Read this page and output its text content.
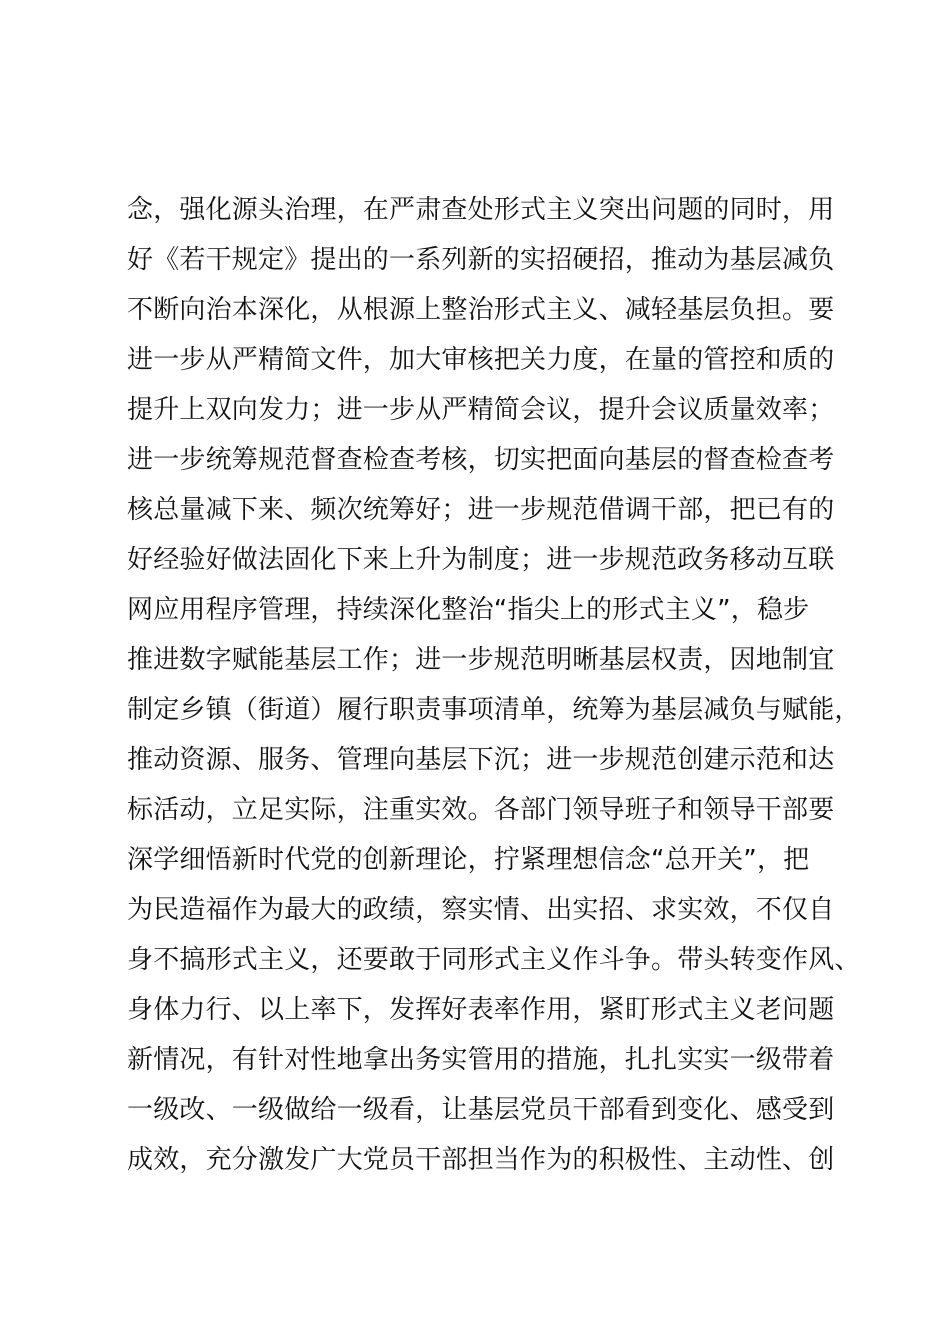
念，强化源头治理，在严肃查处形式主义突出问题的同时，用
好《若干规定》提出的一系列新的实招硬招，推动为基层减负
不断向治本深化，从根源上整治形式主义、减轻基层负担。要
进一步从严精简文件，加大审核把关力度，在量的管控和质的
提升上双向发力；进一步从严精简会议，提升会议质量效率；
进一步统筹规范督查检查考核，切实把面向基层的督查检查考
核总量减下来、频次统筹好；进一步规范借调干部，把已有的
好经验好做法固化下来上升为制度；进一步规范政务移动互联
网应用程序管理，持续深化整治“指尖上的形式主义”，稳步
推进数字赋能基层工作；进一步规范明晰基层权责，因地制宜
制定乡镇（街道）履行职责事项清单，统筹为基层减负与赋能，
推动资源、服务、管理向基层下沉；进一步规范创建示范和达
标活动，立足实际，注重实效。各部门领导班子和领导干部要
深学细悟新时代党的创新理论，拧紧理想信念“总开关”，把
为民造福作为最大的政绩，察实情、出实招、求实效，不仅自
身不搞形式主义，还要敢于同形式主义作斗争。带头转变作风、
身体力行、以上率下，发挥好表率作用，紧盯形式主义老问题
新情况，有针对性地拿出务实管用的措施，扎扎实实一级带着
一级改、一级做给一级看，让基层党员干部看到变化、感受到
成效，充分激发广大党员干部担当作为的积极性、主动性、创
